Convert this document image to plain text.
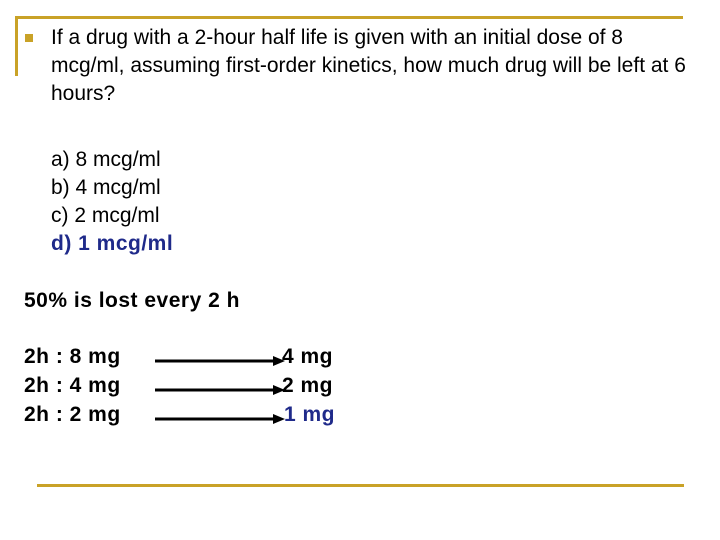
If a drug with a 2-hour half life is given with an initial dose of 8 mcg/ml, assuming first-order kinetics, how much drug will be left at 6 hours?
a) 8 mcg/ml
b) 4 mcg/ml
c) 2 mcg/ml
d) 1 mcg/ml
50% is lost every 2 h
2h : 8 mg	4 mg
2h : 4 mg	2 mg
2h : 2 mg	1 mg
